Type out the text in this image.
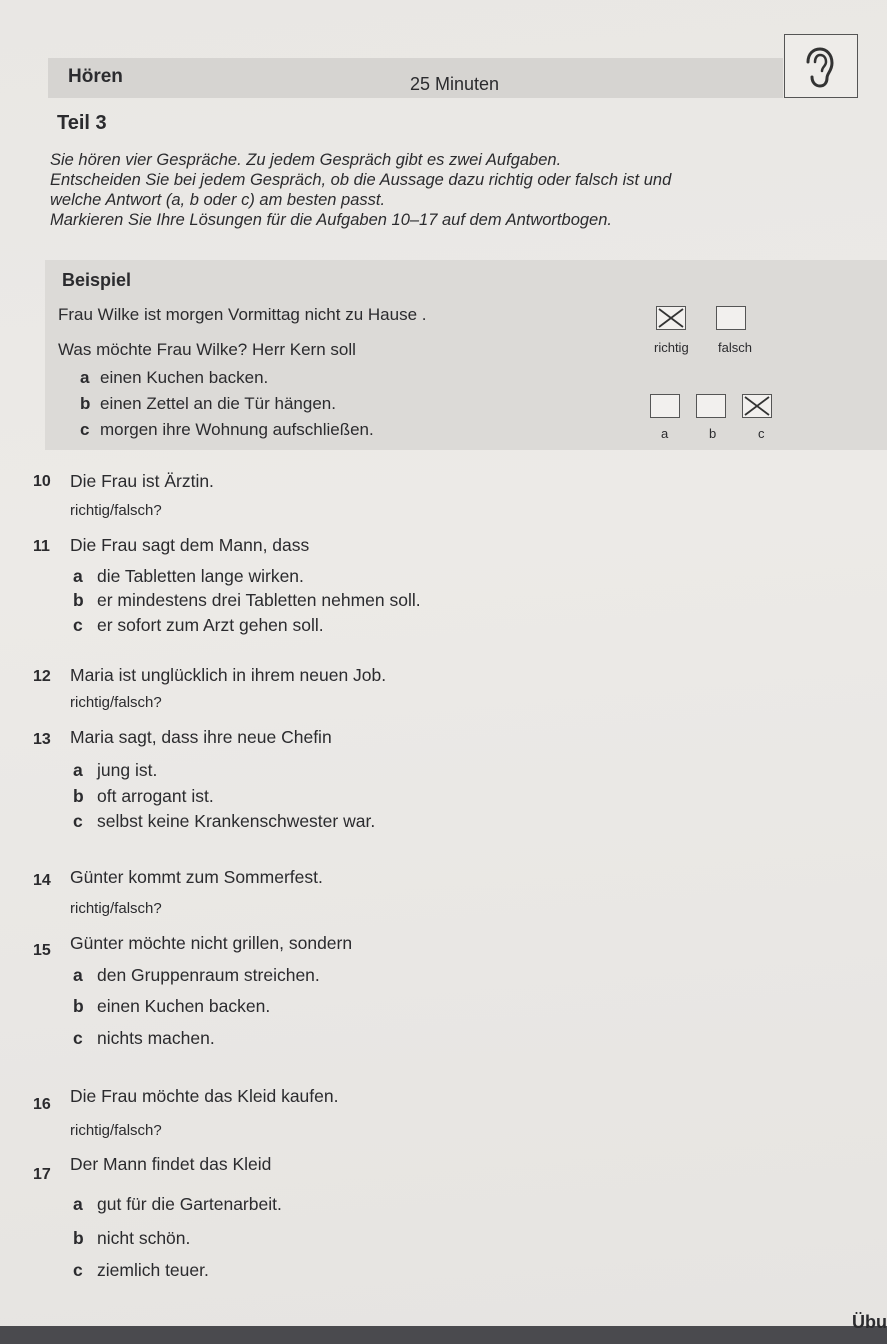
Hören	25 Minuten
Teil 3
Sie hören vier Gespräche. Zu jedem Gespräch gibt es zwei Aufgaben.
Entscheiden Sie bei jedem Gespräch, ob die Aussage dazu richtig oder falsch ist und
welche Antwort (a, b oder c) am besten passt.
Markieren Sie Ihre Lösungen für die Aufgaben 10–17 auf dem Antwortbogen.
Beispiel
Frau Wilke ist morgen Vormittag nicht zu Hause .
Was möchte Frau Wilke? Herr Kern soll
a einen Kuchen backen.
b einen Zettel an die Tür hängen.
c morgen ihre Wohnung aufschließen.
richtig falsch
a	b	c
10 Die Frau ist Ärztin.
richtig/falsch?
11 Die Frau sagt dem Mann, dass
a die Tabletten lange wirken.
b er mindestens drei Tabletten nehmen soll.
c er sofort zum Arzt gehen soll.
12 Maria ist unglücklich in ihrem neuen Job.
richtig/falsch?
13 Maria sagt, dass ihre neue Chefin
a jung ist.
b oft arrogant ist.
c selbst keine Krankenschwester war.
14 Günter kommt zum Sommerfest.
richtig/falsch?
15 Günter möchte nicht grillen, sondern
a den Gruppenraum streichen.
b einen Kuchen backen.
c nichts machen.
16 Die Frau möchte das Kleid kaufen.
richtig/falsch?
17
Der Mann findet das Kleid
a gut für die Gartenarbeit.
b nicht schön.
c ziemlich teuer.
Übu
